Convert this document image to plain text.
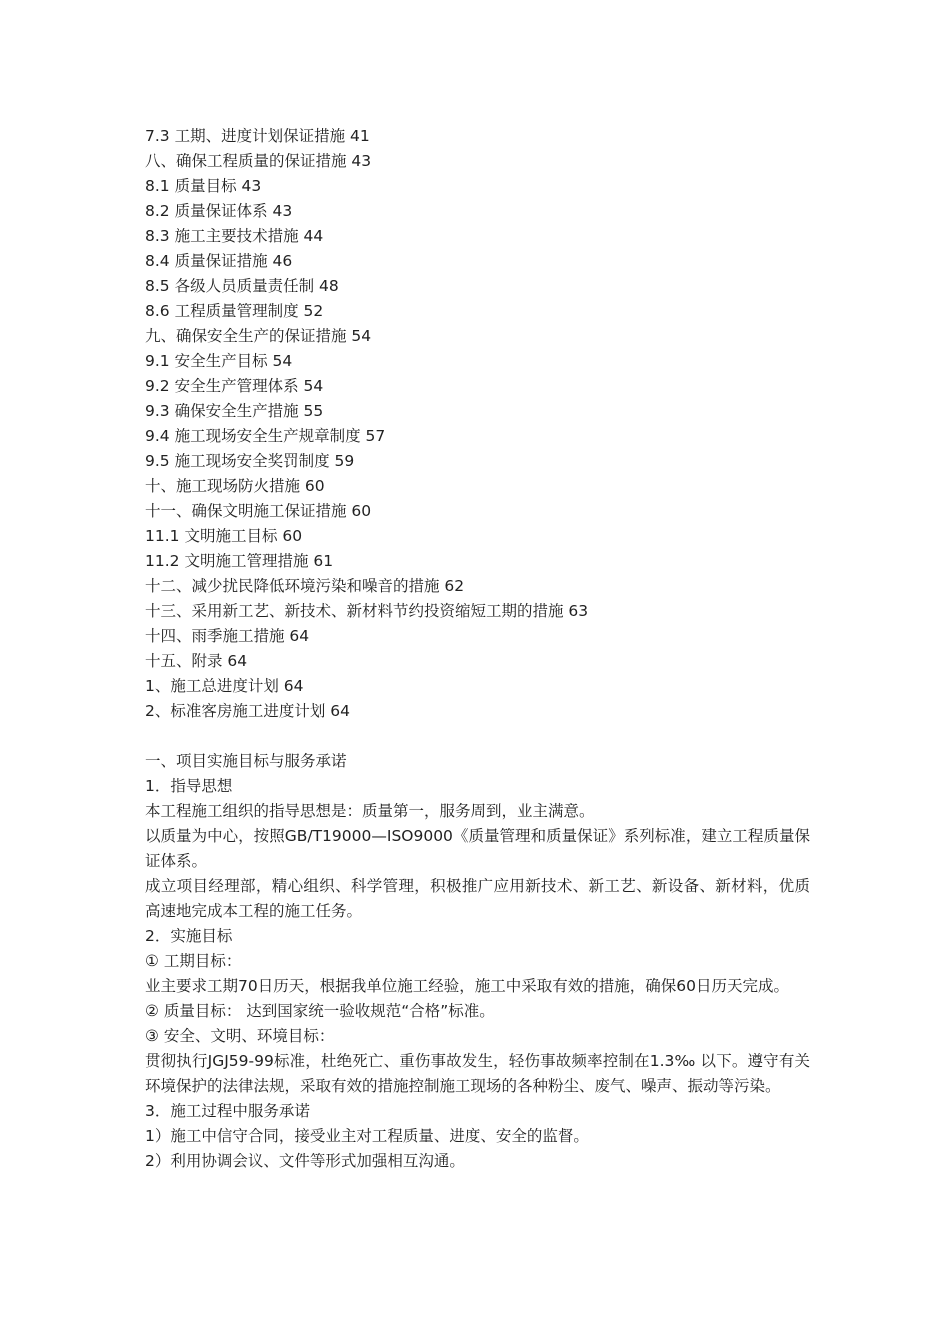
7.3 工期、进度计划保证措施 41

八、确保工程质量的保证措施 43

8.1 质量目标 43

8.2 质量保证体系 43

8.3 施工主要技术措施 44

8.4 质量保证措施 46

8.5 各级人员质量责任制 48

8.6 工程质量管理制度 52

九、确保安全生产的保证措施 54

9.1 安全生产目标 54

9.2 安全生产管理体系 54

9.3 确保安全生产措施 55

9.4 施工现场安全生产规章制度 57

9.5 施工现场安全奖罚制度 59

十、施工现场防火措施 60

十一、确保文明施工保证措施 60

11.1 文明施工目标 60

11.2 文明施工管理措施 61

十二、减少扰民降低环境污染和噪音的措施 62

十三、采用新工艺、新技术、新材料节约投资缩短工期的措施 63

十四、雨季施工措施 64

十五、附录 64

1、施工总进度计划 64

2、标准客房施工进度计划 64

一、项目实施目标与服务承诺

1．指导思想

本工程施工组织的指导思想是：质量第一，服务周到，业主满意。

以质量为中心，按照GB/T19000—ISO9000《质量管理和质量保证》系列标准，建立工程质量保证体系。

成立项目经理部，精心组织、科学管理，积极推广应用新技术、新工艺、新设备、新材料，优质高速地完成本工程的施工任务。

2．实施目标

① 工期目标：

业主要求工期70日历天，根据我单位施工经验，施工中采取有效的措施，确保60日历天完成。

② 质量目标： 达到国家统一验收规范“合格”标准。

③ 安全、文明、环境目标：

贯彻执行JGJ59-99标准，杜绝死亡、重伤事故发生，轻伤事故频率控制在1.3‰ 以下。遵守有关环境保护的法律法规，采取有效的措施控制施工现场的各种粉尘、废气、噪声、振动等污染。

3．施工过程中服务承诺

1）施工中信守合同，接受业主对工程质量、进度、安全的监督。

2）利用协调会议、文件等形式加强相互沟通。
